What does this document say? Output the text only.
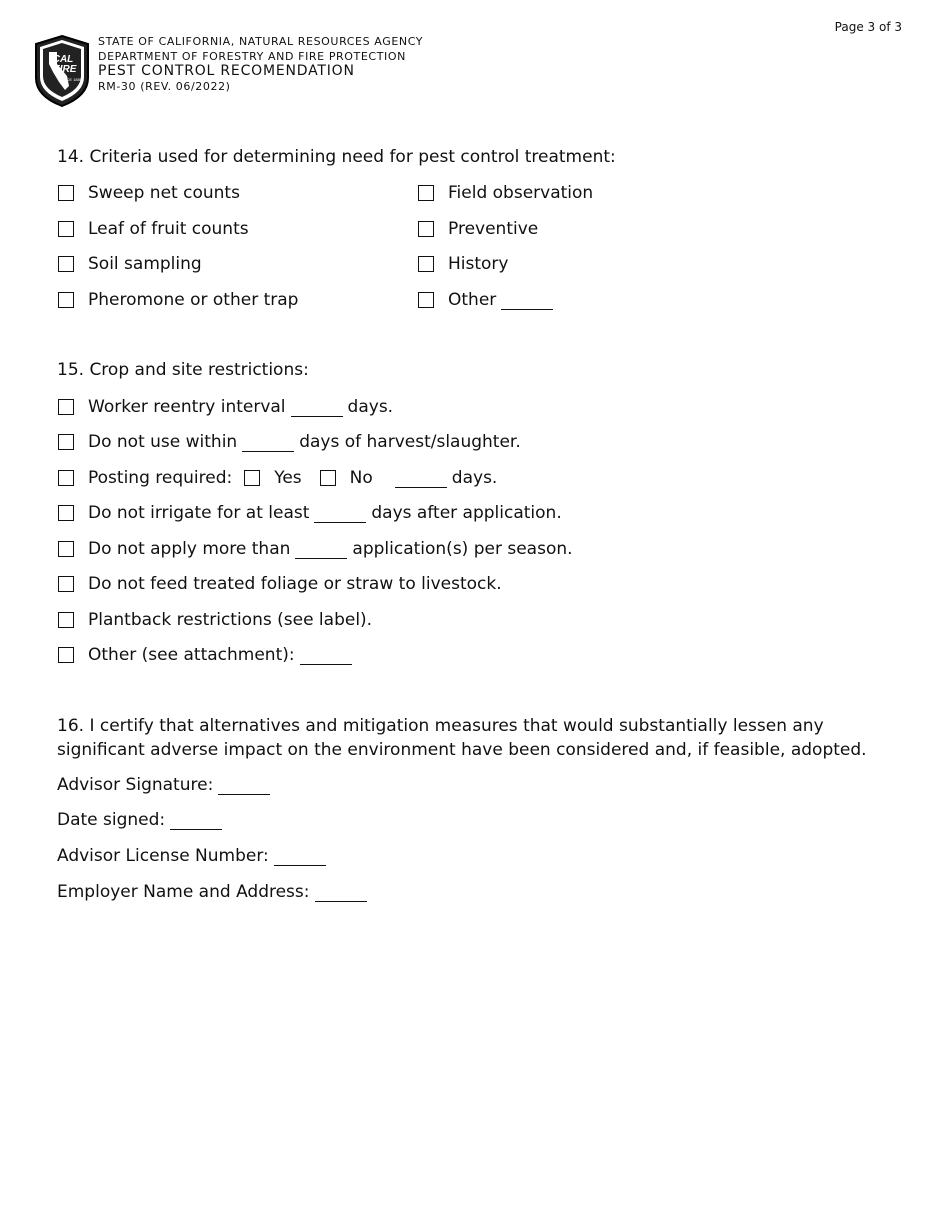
Page 3 of 3
CAL
FIRE
SINCE 1885
STATE OF CALIFORNIA, NATURAL RESOURCES AGENCY
DEPARTMENT OF FORESTRY AND FIRE PROTECTION
PEST CONTROL RECOMENDATION
RM-30 (REV. 06/2022)
14. Criteria used for determining need for pest control treatment:
Sweep net counts
Leaf of fruit counts
Soil sampling
Pheromone or other trap
Field observation
Preventive
History
Other
15. Crop and site restrictions:
Worker reentry interval	days.
Do not use within	days of harvest/slaughter.
Posting required: Yes	No	days.
Do not irrigate for at least	days after application.
Do not apply more than	application(s) per season.
Do not feed treated foliage or straw to livestock.
Plantback restrictions (see label).
Other (see attachment):
16. I certify that alternatives and mitigation measures that would substantially lessen any significant adverse impact on the environment have been considered and, if feasible, adopted.
Advisor Signature:
Date signed:
Advisor License Number:
Employer Name and Address:
